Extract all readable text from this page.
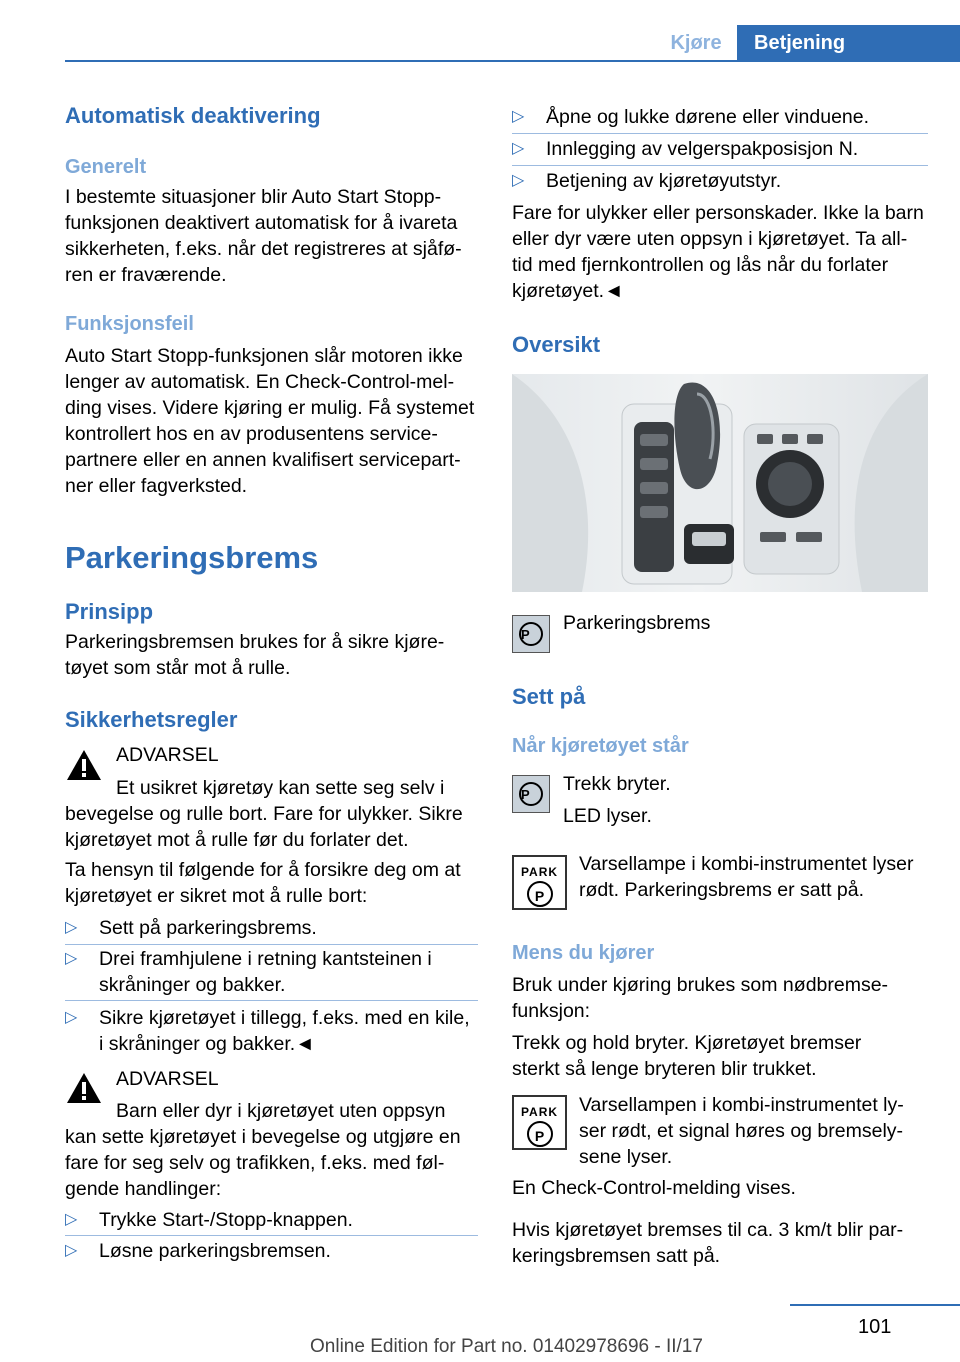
Kjøre	Betjening
Automatisk deaktivering
Generelt
I bestemte situasjoner blir Auto Start Stopp-
funksjonen deaktivert automatisk for å ivareta
sikkerheten, f.eks. når det registreres at sjåfø-
ren er fraværende.
Funksjonsfeil
Auto Start Stopp-funksjonen slår motoren ikke
lenger av automatisk. En Check-Control-mel-
ding vises. Videre kjøring er mulig. Få systemet
kontrollert hos en av produsentens service-
partnere eller en annen kvalifisert servicepart-
ner eller fagverksted.
Parkeringsbrems
Prinsipp
Parkeringsbremsen brukes for å sikre kjøre-
tøyet som står mot å rulle.
Sikkerhetsregler
ADVARSEL
Et usikret kjøretøy kan sette seg selv i
bevegelse og rulle bort. Fare for ulykker. Sikre
kjøretøyet mot å rulle før du forlater det.
Ta hensyn til følgende for å forsikre deg om at
kjøretøyet er sikret mot å rulle bort:
▷ Sett på parkeringsbrems.
▷ Drei framhjulene i retning kantsteinen i
skråninger og bakker.
▷ Sikre kjøretøyet i tillegg, f.eks. med en kile,
i skråninger og bakker.◄
ADVARSEL
Barn eller dyr i kjøretøyet uten oppsyn
kan sette kjøretøyet i bevegelse og utgjøre en
fare for seg selv og trafikken, f.eks. med føl-
gende handlinger:
▷ Trykke Start-/Stopp-knappen.
▷ Løsne parkeringsbremsen.
▷ Åpne og lukke dørene eller vinduene.
▷ Innlegging av velgerspakposisjon N.
▷ Betjening av kjøretøyutstyr.
Fare for ulykker eller personskader. Ikke la barn
eller dyr være uten oppsyn i kjøretøyet. Ta all-
tid med fjernkontrollen og lås når du forlater
kjøretøyet.◄
Oversikt
P
Parkeringsbrems
Sett på
Når kjøretøyet står
P	Trekk bryter.
LED lyser.
PARK
P
Varsellampe i kombi-instrumentet lyser
rødt. Parkeringsbrems er satt på.
Mens du kjører
Bruk under kjøring brukes som nødbremse-
funksjon:
Trekk og hold bryter. Kjøretøyet bremser
sterkt så lenge bryteren blir trukket.
PARK
P
Varsellampen i kombi-instrumentet ly-
ser rødt, et signal høres og bremsely-
sene lyser.
En Check-Control-melding vises.
Hvis kjøretøyet bremses til ca. 3 km/t blir par-
keringsbremsen satt på.
101
Online Edition for Part no. 01402978696 - II/17
